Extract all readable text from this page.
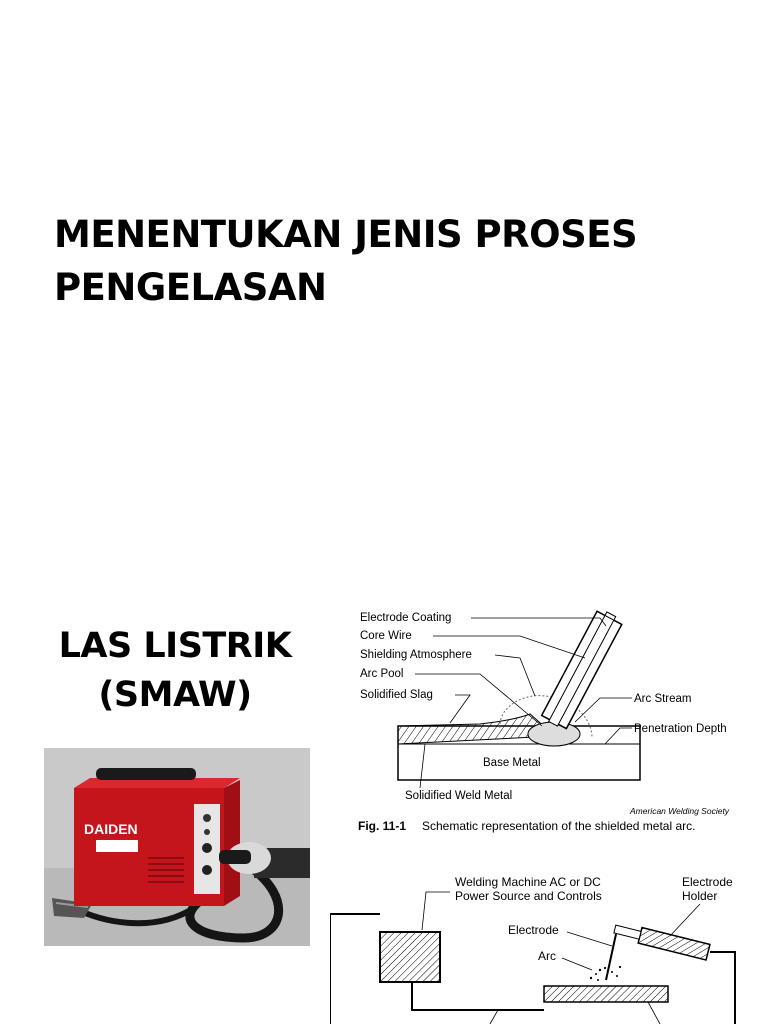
MENENTUKAN JENIS PROSES
PENGELASAN
LAS LISTRIK
(SMAW)
DAIDEN
Electrode Coating
Core Wire
Shielding Atmosphere
Arc Pool
Solidified Slag	Arc Stream
Penetration Depth
Base Metal
Solidified Weld Metal
American Welding Society
Fig. 11-1 Schematic representation of the shielded metal arc.
Welding Machine AC or DC
Power Source and Controls
Electrode
Holder
Electrode
Arc
